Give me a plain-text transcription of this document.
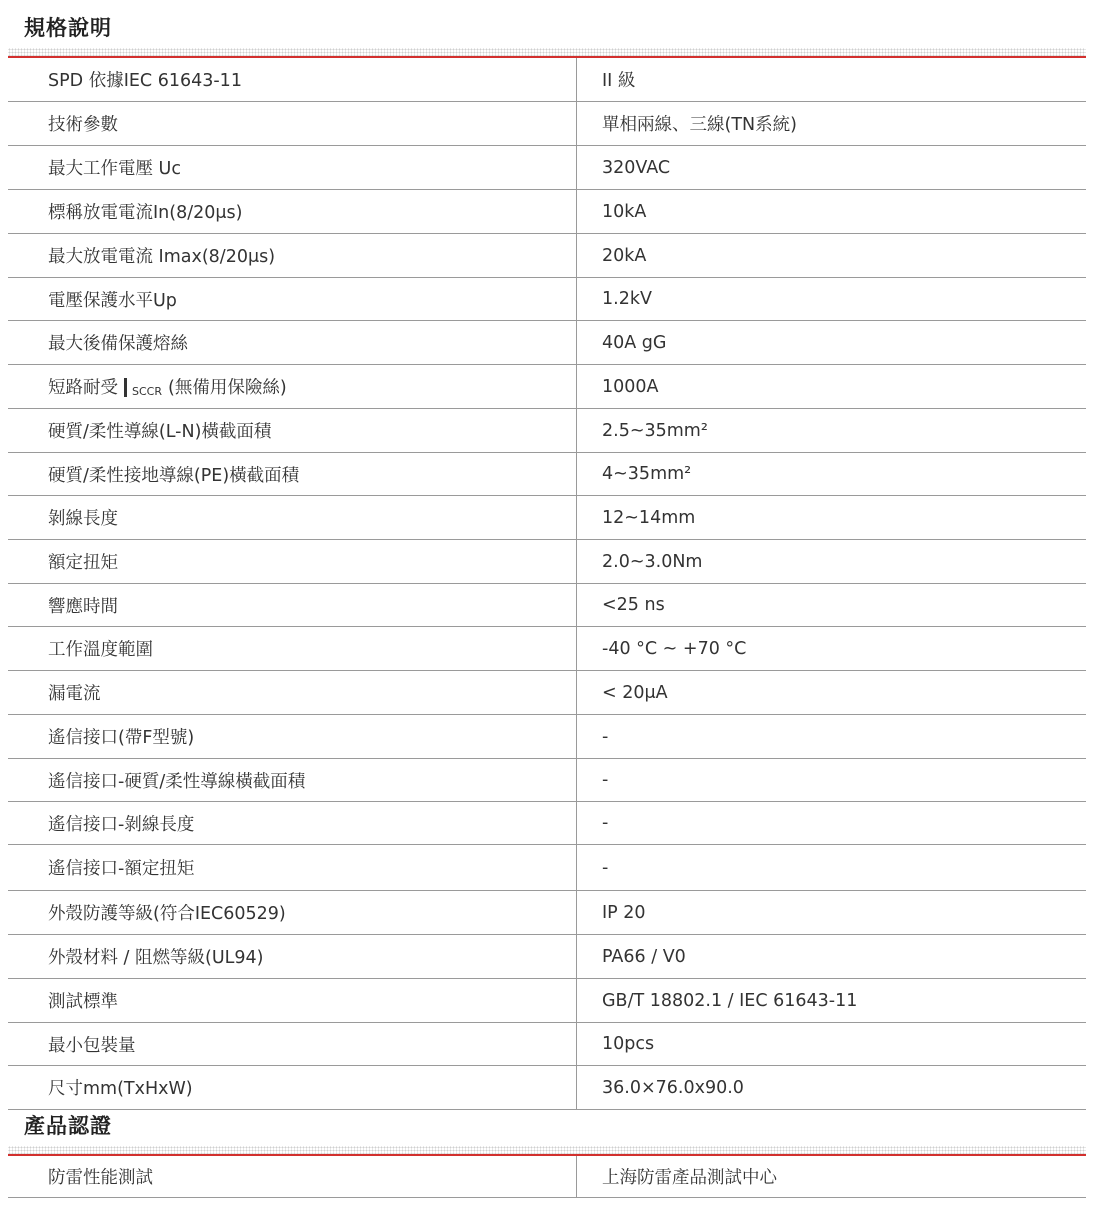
規格說明
SPD 依據IEC 61643-11	II 級
技術參數	單相兩線、三線(TN系統)
最大工作電壓 Uc	320VAC
標稱放電電流In(8/20μs)	10kA
最大放電電流 Imax(8/20μs)	20kA
電壓保護水平Up	1.2kV
最大後備保護熔絲	40A gG
短路耐受 SCCR (無備用保險絲)	1000A
硬質/柔性導線(L-N)橫截面積	2.5~35mm²
硬質/柔性接地導線(PE)橫截面積	4~35mm²
剝線長度	12~14mm
額定扭矩	2.0~3.0Nm
響應時間	<25 ns
工作溫度範圍	-40 °C ~ +70 °C
漏電流	< 20μA
遙信接口(帶F型號)	-
遙信接口-硬質/柔性導線橫截面積	-
遙信接口-剝線長度	-
遙信接口-額定扭矩	-
外殼防護等級(符合IEC60529)	IP 20
外殼材料 / 阻燃等級(UL94)	PA66 / V0
測試標準	GB/T 18802.1 / IEC 61643-11
最小包裝量	10pcs
尺寸mm(TxHxW)	36.0×76.0x90.0
產品認證
防雷性能測試	上海防雷產品測試中心
